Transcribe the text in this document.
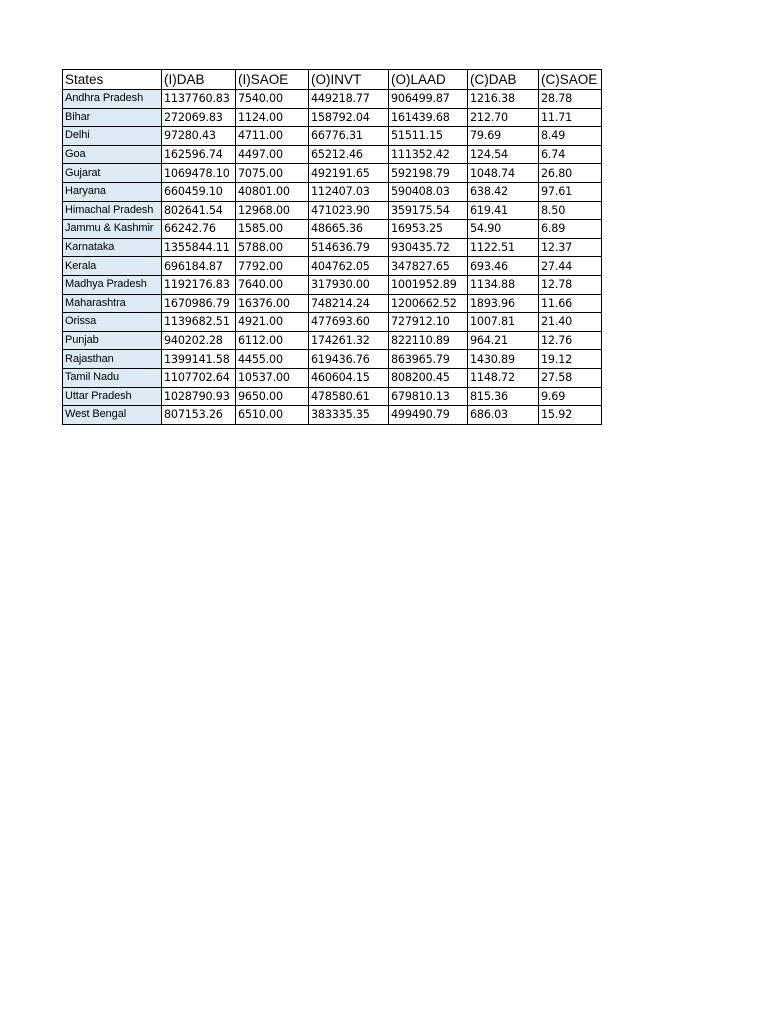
States	(I)DAB	(I)SAOE	(O)INVT	(O)LAAD	(C)DAB	(C)SAOE
Andhra Pradesh	1137760.83	7540.00	449218.77	906499.87	1216.38	28.78
Bihar	272069.83	1124.00	158792.04	161439.68	212.70	11.71
Delhi	97280.43	4711.00	66776.31	51511.15	79.69	8.49
Goa	162596.74	4497.00	65212.46	111352.42	124.54	6.74
Gujarat	1069478.10	7075.00	492191.65	592198.79	1048.74	26.80
Haryana	660459.10	40801.00	112407.03	590408.03	638.42	97.61
Himachal Pradesh	802641.54	12968.00	471023.90	359175.54	619.41	8.50
Jammu & Kashmir	66242.76	1585.00	48665.36	16953.25	54.90	6.89
Karnataka	1355844.11	5788.00	514636.79	930435.72	1122.51	12.37
Kerala	696184.87	7792.00	404762.05	347827.65	693.46	27.44
Madhya Pradesh	1192176.83	7640.00	317930.00	1001952.89	1134.88	12.78
Maharashtra	1670986.79	16376.00	748214.24	1200662.52	1893.96	11.66
Orissa	1139682.51	4921.00	477693.60	727912.10	1007.81	21.40
Punjab	940202.28	6112.00	174261.32	822110.89	964.21	12.76
Rajasthan	1399141.58	4455.00	619436.76	863965.79	1430.89	19.12
Tamil Nadu	1107702.64	10537.00	460604.15	808200.45	1148.72	27.58
Uttar Pradesh	1028790.93	9650.00	478580.61	679810.13	815.36	9.69
West Bengal	807153.26	6510.00	383335.35	499490.79	686.03	15.92
